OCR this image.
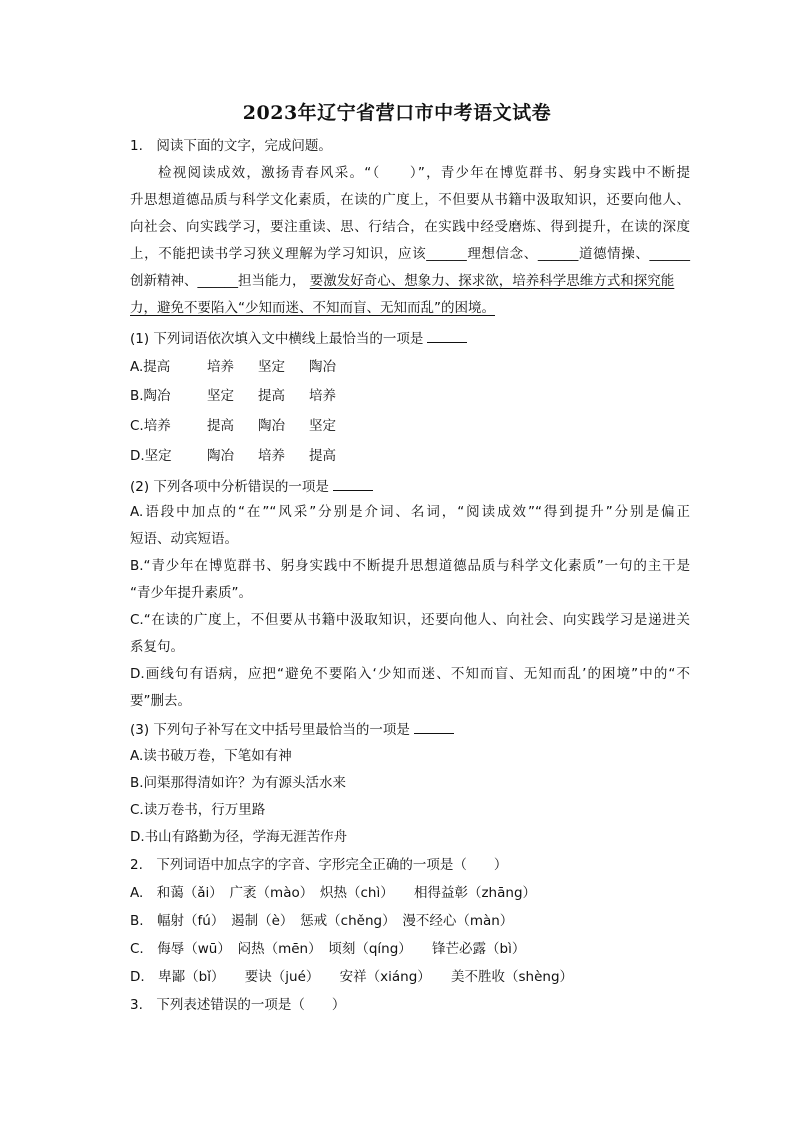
2023年辽宁省营口市中考语文试卷
1.　阅读下面的文字，完成问题。
检视阅读成效，激扬青春风采。“（　　）”，青少年在博览群书、躬身实践中不断提
升思想道德品质与科学文化素质，在读的广度上，不但要从书籍中汲取知识，还要向他人、
向社会、向实践学习，要注重读、思、行结合，在实践中经受磨炼、得到提升，在读的深度
上，不能把读书学习狭义理解为学习知识，应该______理想信念、______道德情操、______
创新精神、______担当能力， 要激发好奇心、想象力、探求欲，培养科学思维方式和探究能
力，避免不要陷入“少知而迷、不知而盲、无知而乱”的困境。
(1) 下列词语依次填入文中横线上最恰当的一项是
A.提高	培养 坚定 陶冶
B.陶冶	坚定 提高 培养
C.培养	提高 陶冶 坚定
D.坚定	陶冶 培养 提高
(2) 下列各项中分析错误的一项是
A.语段中加点的“在”“风采”分别是介词、名词，“阅读成效”“得到提升”分别是偏正
短语、动宾短语。
B.“青少年在博览群书、躬身实践中不断提升思想道德品质与科学文化素质”一句的主干是
“青少年提升素质”。
C.“在读的广度上，不但要从书籍中汲取知识，还要向他人、向社会、向实践学习是递进关
系复句。
D.画线句有语病，应把“避免不要陷入‘少知而迷、不知而盲、无知而乱’的困境”中的“不
要”删去。
(3) 下列句子补写在文中括号里最恰当的一项是
A.读书破万卷，下笔如有神
B.问渠那得清如许？为有源头活水来
C.读万卷书，行万里路
D.书山有路勤为径，学海无涯苦作舟
2.　下列词语中加点字的字音、字形完全正确的一项是（　　）
A.　和蔼（ǎi）　广袤（mào）　炽热（chì）　　相得益彰（zhāng）
B.　幅射（fú）　遏制（è）　惩戒（chěng）　漫不经心（màn）
C.　侮辱（wū）　闷热（mēn）　顷刻（qíng）　　锋芒必露（bì）
D.　卑鄙（bǐ）　　要诀（jué）　　安祥（xiáng）　　美不胜收（shèng）
3.　下列表述错误的一项是（　　）
